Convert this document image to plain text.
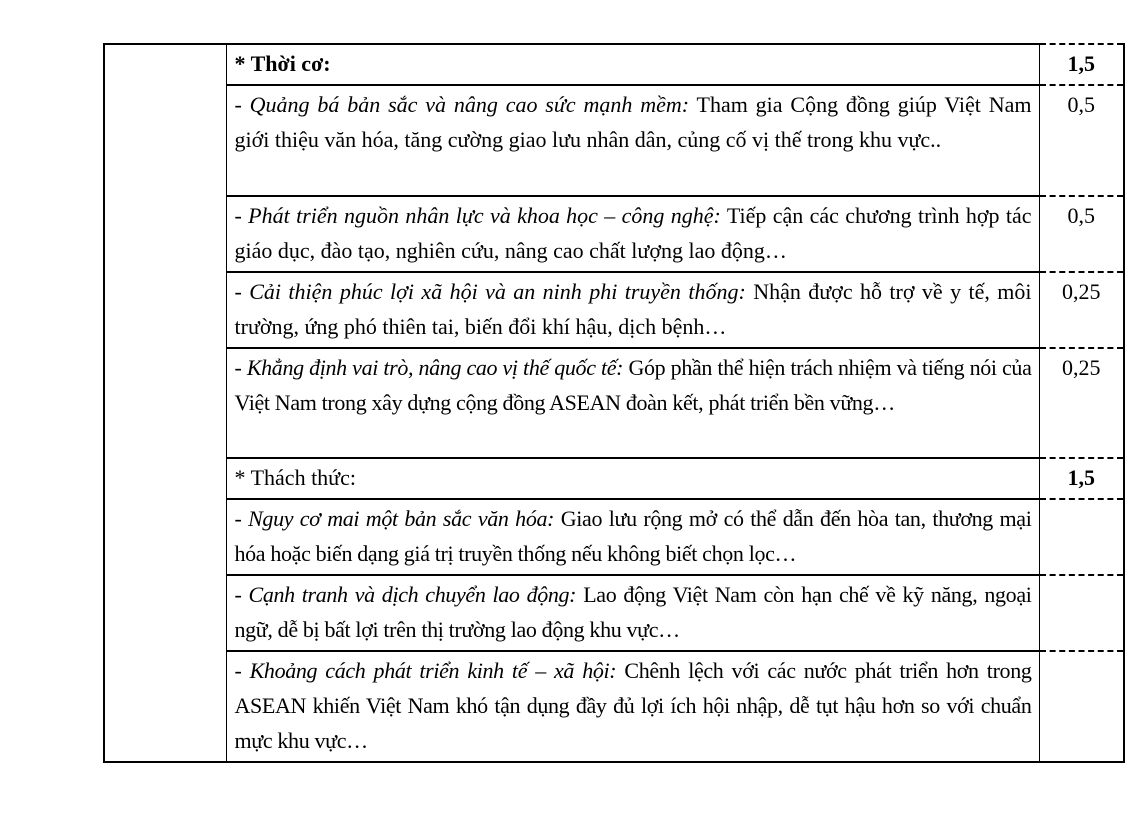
	* Thời cơ:	1,5
	- Quảng bá bản sắc và nâng cao sức mạnh mềm: Tham gia Cộng đồng giúp Việt Nam giới thiệu văn hóa, tăng cường giao lưu nhân dân, củng cố vị thế trong khu vực..	0,5
	- Phát triển nguồn nhân lực và khoa học – công nghệ: Tiếp cận các chương trình hợp tác giáo dục, đào tạo, nghiên cứu, nâng cao chất lượng lao động…	0,5
	- Cải thiện phúc lợi xã hội và an ninh phi truyền thống: Nhận được hỗ trợ về y tế, môi trường, ứng phó thiên tai, biến đổi khí hậu, dịch bệnh…	0,25
	- Khẳng định vai trò, nâng cao vị thế quốc tế: Góp phần thể hiện trách nhiệm và tiếng nói của Việt Nam trong xây dựng cộng đồng ASEAN đoàn kết, phát triển bền vững…	0,25
	* Thách thức:	1,5
	- Nguy cơ mai một bản sắc văn hóa: Giao lưu rộng mở có thể dẫn đến hòa tan, thương mại hóa hoặc biến dạng giá trị truyền thống nếu không biết chọn lọc…	
	- Cạnh tranh và dịch chuyển lao động: Lao động Việt Nam còn hạn chế về kỹ năng, ngoại ngữ, dễ bị bất lợi trên thị trường lao động khu vực…	
	- Khoảng cách phát triển kinh tế – xã hội: Chênh lệch với các nước phát triển hơn trong ASEAN khiến Việt Nam khó tận dụng đầy đủ lợi ích hội nhập, dễ tụt hậu hơn so với chuẩn mực khu vực…	
